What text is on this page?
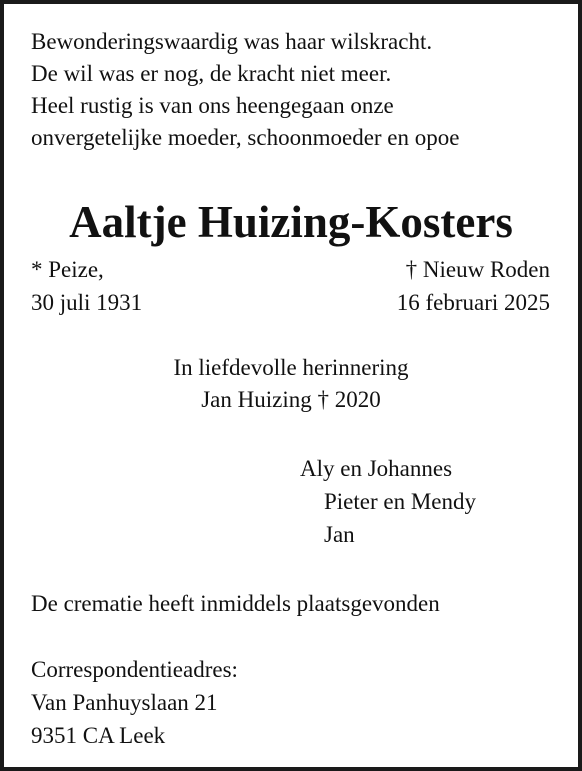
Bewonderingswaardig was haar wilskracht.
De wil was er nog, de kracht niet meer.
Heel rustig is van ons heengegaan onze
onvergetelijke moeder, schoonmoeder en opoe
Aaltje Huizing-Kosters
* Peize,
30 juli 1931
† Nieuw Roden
16 februari 2025
In liefdevolle herinnering
Jan Huizing † 2020
Aly en Johannes
Pieter en Mendy
Jan
De crematie heeft inmiddels plaatsgevonden
Correspondentieadres:
Van Panhuyslaan 21
9351 CA Leek
